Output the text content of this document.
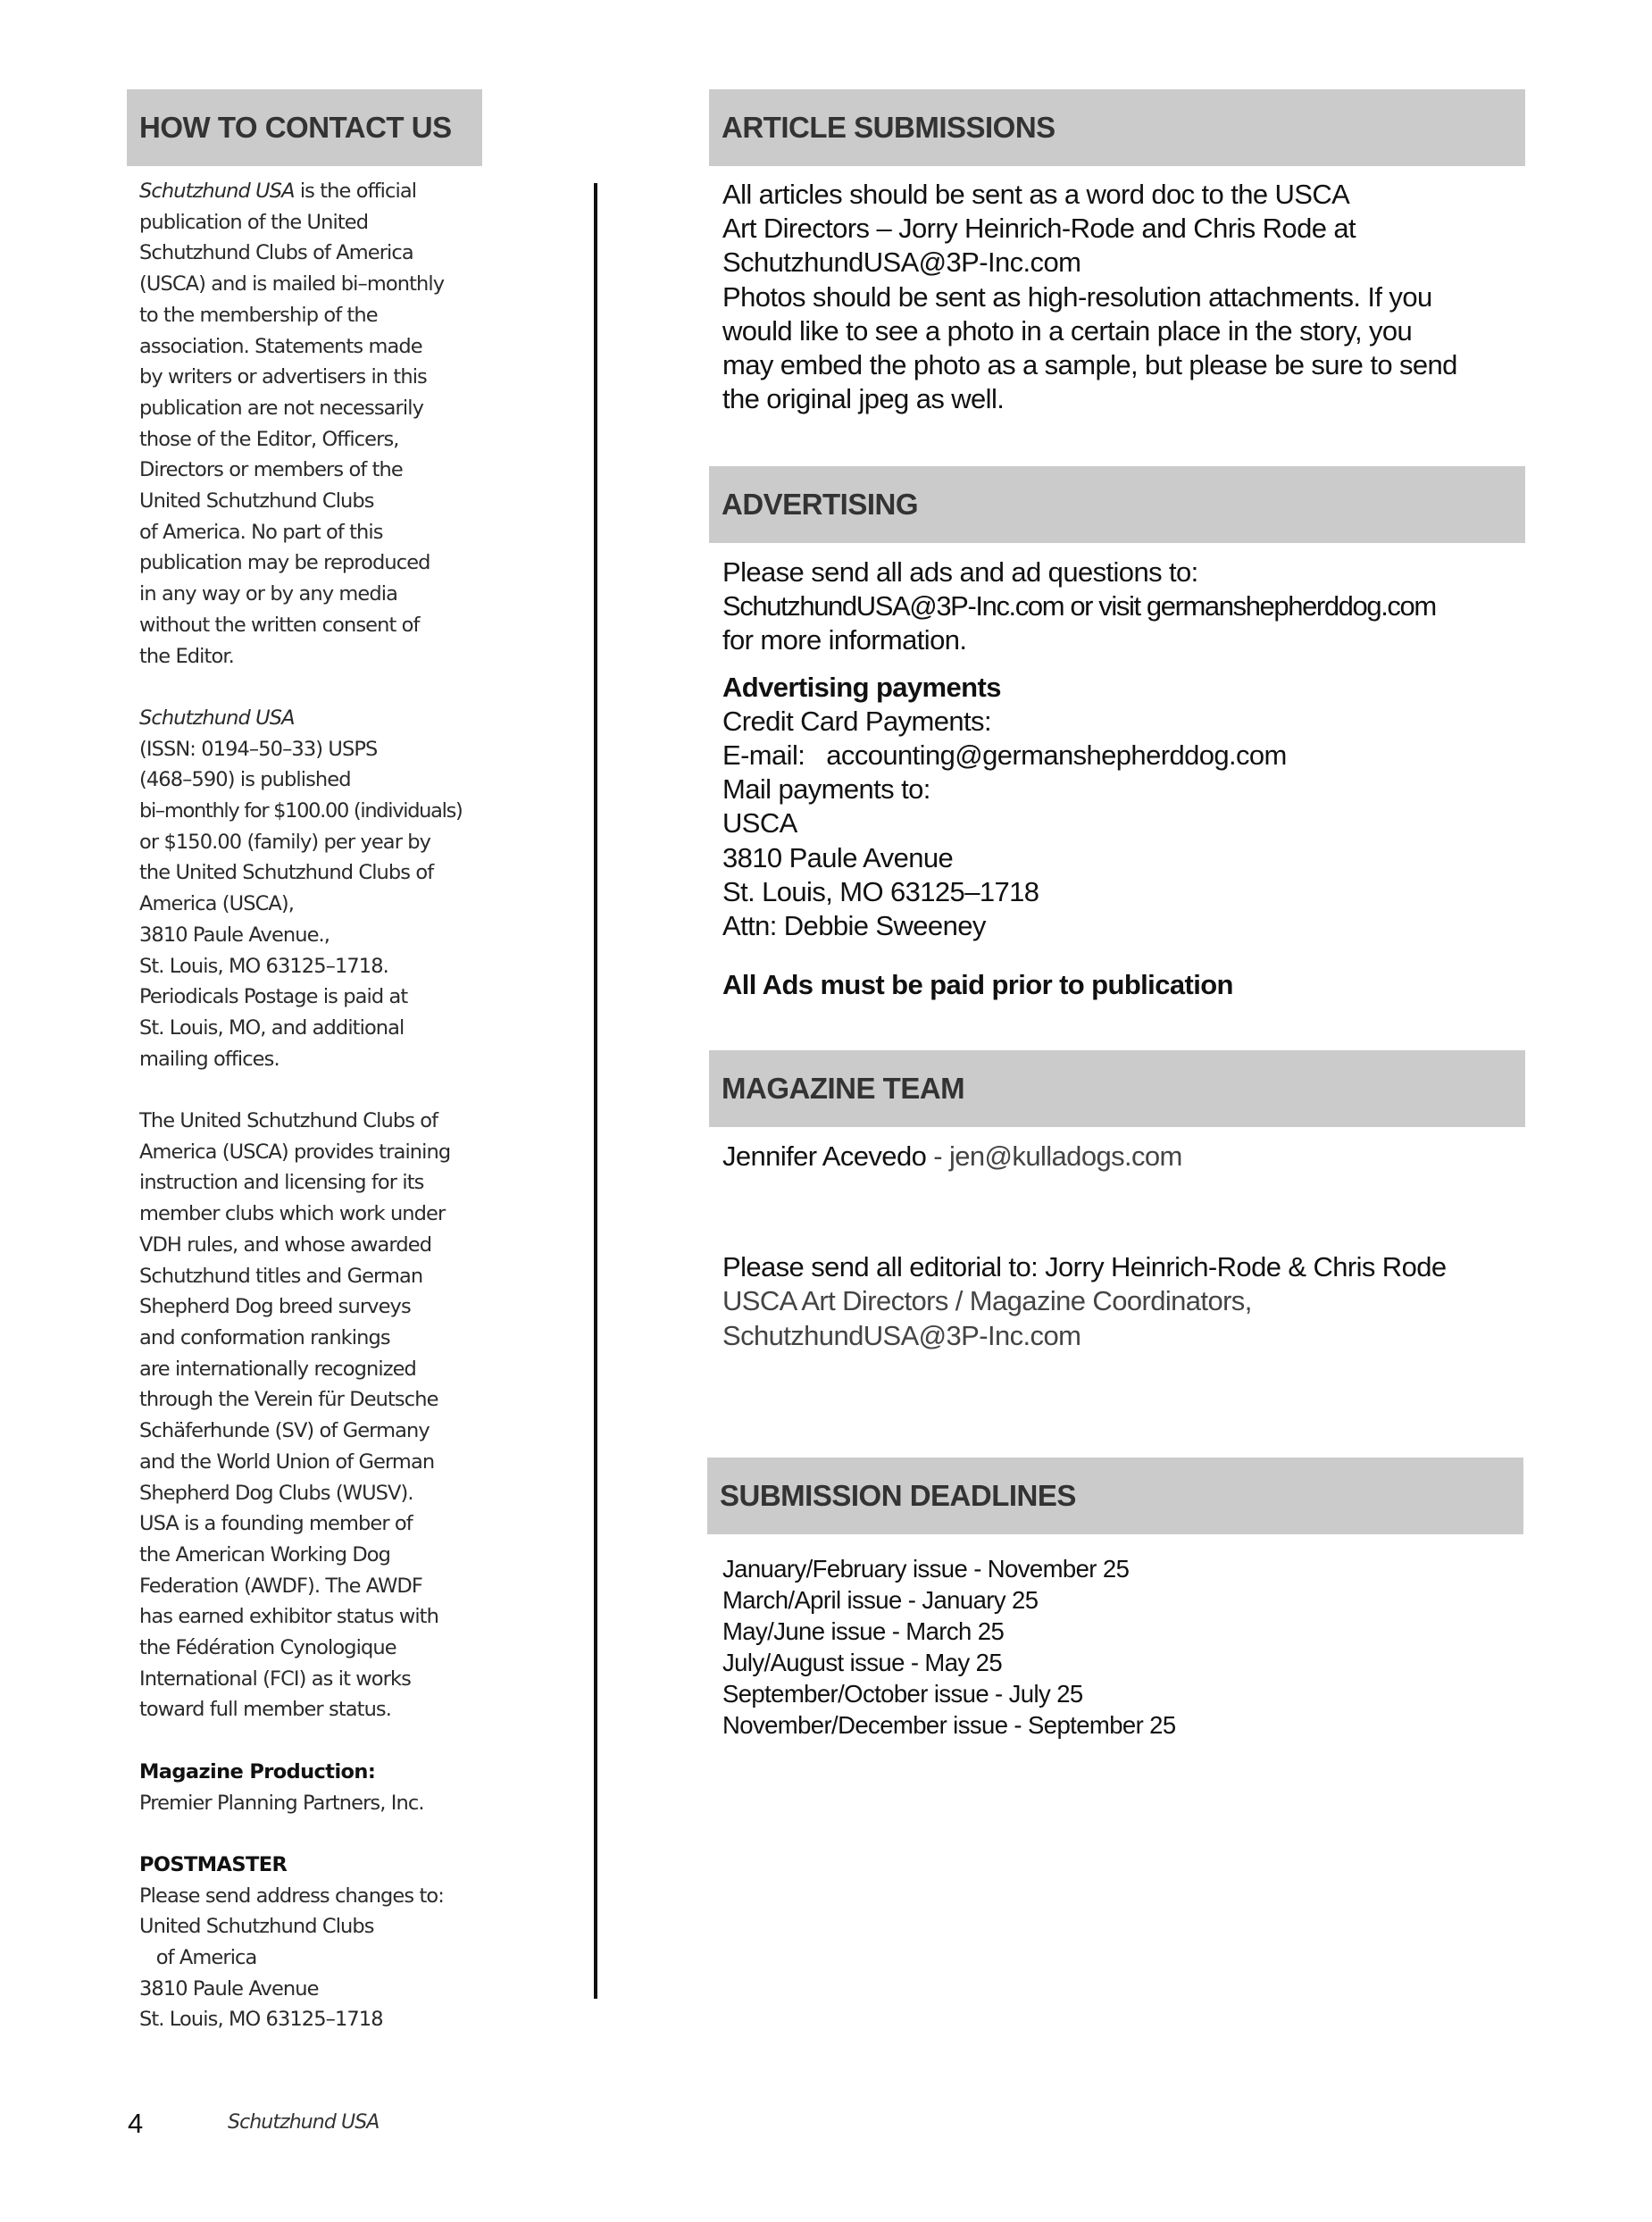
HOW TO CONTACT US
Schutzhund USA is the official
publication of the United
Schutzhund Clubs of America
(USCA) and is mailed bi–monthly
to the membership of the
association. Statements made
by writers or advertisers in this
publication are not necessarily
those of the Editor, Officers,
Directors or members of the
United Schutzhund Clubs
of America. No part of this
publication may be reproduced
in any way or by any media
without the written consent of
the Editor.
Schutzhund USA
(ISSN: 0194–50–33) USPS
(468–590) is published
bi–monthly for $100.00 (individuals)
or $150.00 (family) per year by
the United Schutzhund Clubs of
America (USCA),
3810 Paule Avenue.,
St. Louis, MO 63125–1718.
Periodicals Postage is paid at
St. Louis, MO, and additional
mailing offices.
The United Schutzhund Clubs of
America (USCA) provides training
instruction and licensing for its
member clubs which work under
VDH rules, and whose awarded
Schutzhund titles and German
Shepherd Dog breed surveys
and conformation rankings
are internationally recognized
through the Verein für Deutsche
Schäferhunde (SV) of Germany
and the World Union of German
Shepherd Dog Clubs (WUSV).
USA is a founding member of
the American Working Dog
Federation (AWDF). The AWDF
has earned exhibitor status with
the Fédération Cynologique
International (FCI) as it works
toward full member status.
Magazine Production:
Premier Planning Partners, Inc.
POSTMASTER
Please send address changes to:
United Schutzhund Clubs
of America
3810 Paule Avenue
St. Louis, MO 63125–1718
ARTICLE SUBMISSIONS
All articles should be sent as a word doc to the USCA
Art Directors – Jorry Heinrich-Rode and Chris Rode at
SchutzhundUSA@3P-Inc.com
Photos should be sent as high-resolution attachments. If you
would like to see a photo in a certain place in the story, you
may embed the photo as a sample, but please be sure to send
the original jpeg as well.
ADVERTISING
Please send all ads and ad questions to:
SchutzhundUSA@3P-Inc.com or visit germanshepherddog.com
for more information.
Advertising payments
Credit Card Payments:
E-mail:   accounting@germanshepherddog.com
Mail payments to:
USCA
3810 Paule Avenue
St. Louis, MO 63125–1718
Attn: Debbie Sweeney
All Ads must be paid prior to publication
MAGAZINE TEAM
Jennifer Acevedo - jen@kulladogs.com
Please send all editorial to: Jorry Heinrich-Rode & Chris Rode
USCA Art Directors / Magazine Coordinators,
SchutzhundUSA@3P-Inc.com
SUBMISSION DEADLINES
January/February issue - November 25
March/April issue - January 25
May/June issue - March 25
July/August issue - May 25
September/October issue - July 25
November/December issue - September 25
4	Schutzhund USA
